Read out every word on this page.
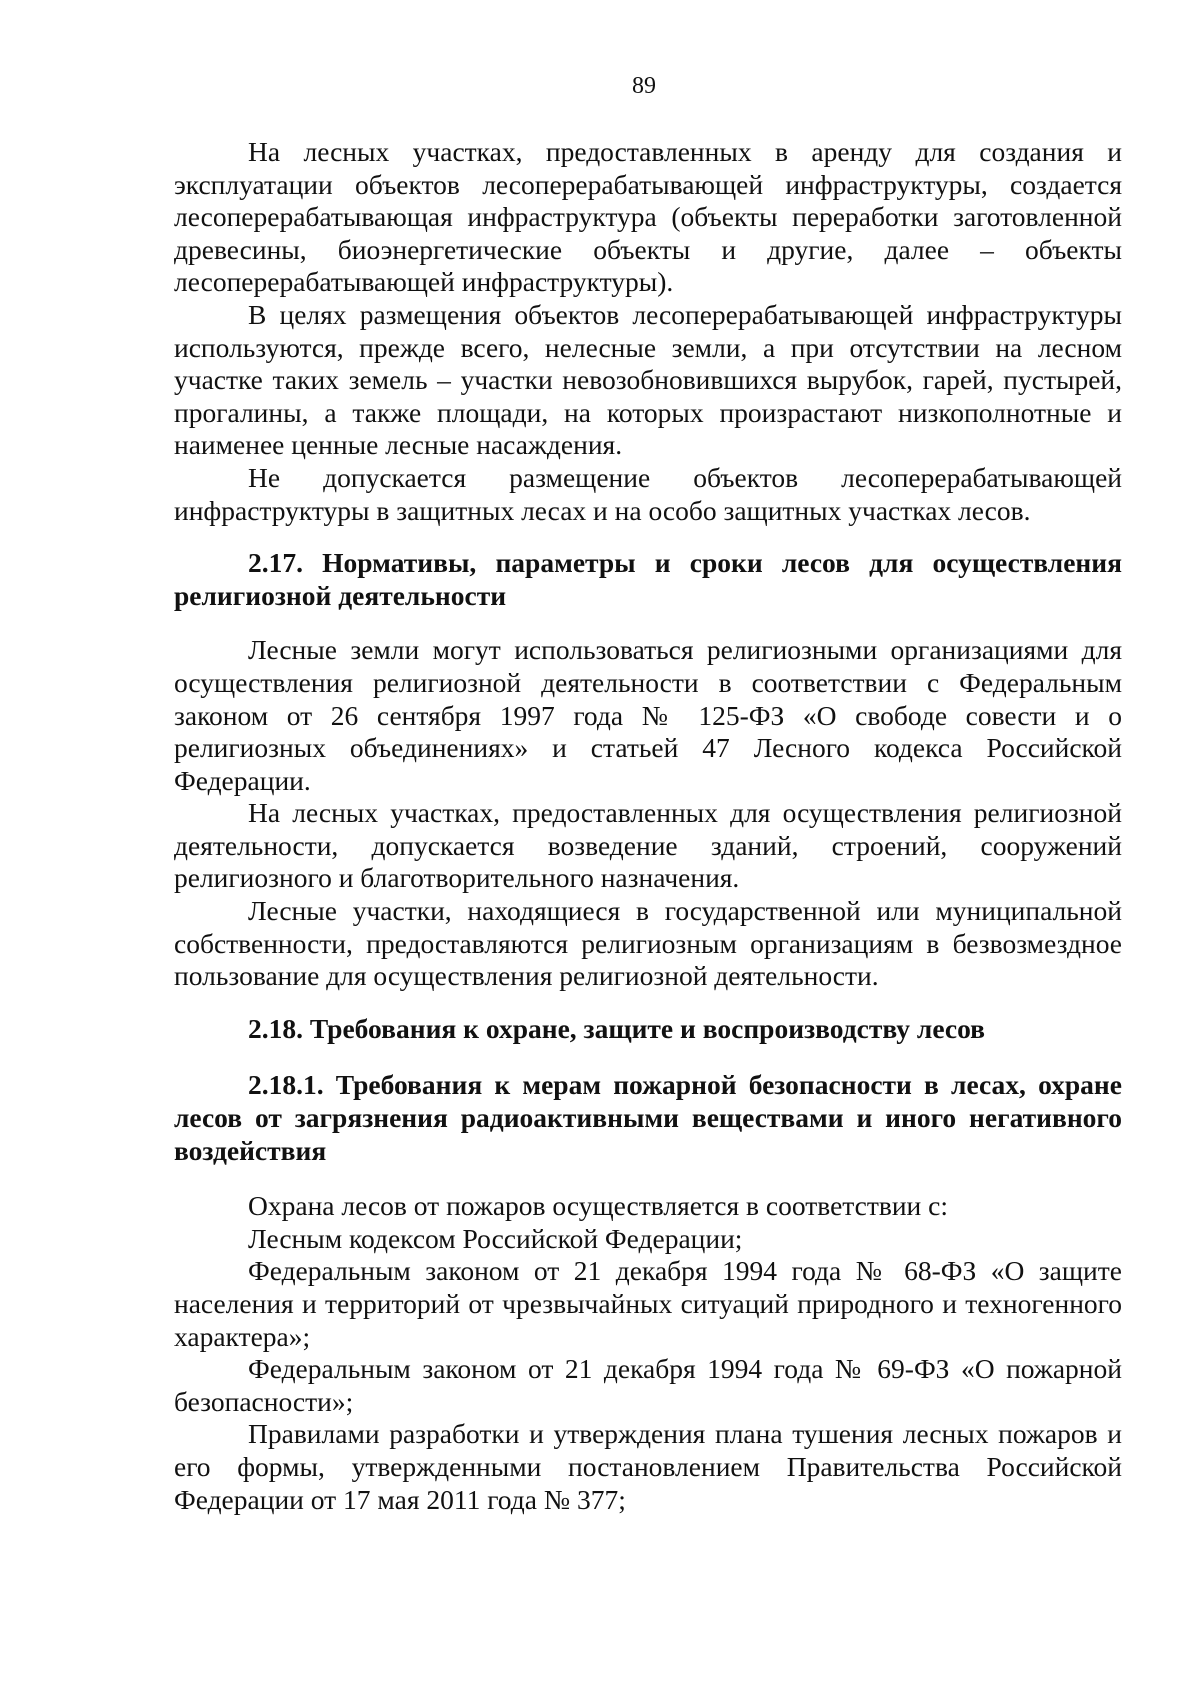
89

На лесных участках, предоставленных в аренду для создания и эксплуатации объектов лесоперерабатывающей инфраструктуры, создается лесоперерабатывающая инфраструктура (объекты переработки заготовленной древесины, биоэнергетические объекты и другие, далее – объекты лесоперерабатывающей инфраструктуры).

В целях размещения объектов лесоперерабатывающей инфраструктуры используются, прежде всего, нелесные земли, а при отсутствии на лесном участке таких земель – участки невозобновившихся вырубок, гарей, пустырей, прогалины, а также площади, на которых произрастают низкополнотные и наименее ценные лесные насаждения.

Не допускается размещение объектов лесоперерабатывающей инфраструктуры в защитных лесах и на особо защитных участках лесов.

2.17. Нормативы, параметры и сроки лесов для осуществления религиозной деятельности

Лесные земли могут использоваться религиозными организациями для осуществления религиозной деятельности в соответствии с Федеральным законом от 26 сентября 1997 года № 125-ФЗ «О свободе совести и о религиозных объединениях» и статьей 47 Лесного кодекса Российской Федерации.

На лесных участках, предоставленных для осуществления религиозной деятельности, допускается возведение зданий, строений, сооружений религиозного и благотворительного назначения.

Лесные участки, находящиеся в государственной или муниципальной собственности, предоставляются религиозным организациям в безвозмездное пользование для осуществления религиозной деятельности.

2.18. Требования к охране, защите и воспроизводству лесов
2.18.1. Требования к мерам пожарной безопасности в лесах, охране лесов от загрязнения радиоактивными веществами и иного негативного воздействия

Охрана лесов от пожаров осуществляется в соответствии с:

Лесным кодексом Российской Федерации;

Федеральным законом от 21 декабря 1994 года № 68-ФЗ «О защите населения и территорий от чрезвычайных ситуаций природного и техногенного характера»;

Федеральным законом от 21 декабря 1994 года № 69-ФЗ «О пожарной безопасности»;

Правилами разработки и утверждения плана тушения лесных пожаров и его формы, утвержденными постановлением Правительства Российской Федерации от 17 мая 2011 года № 377;
